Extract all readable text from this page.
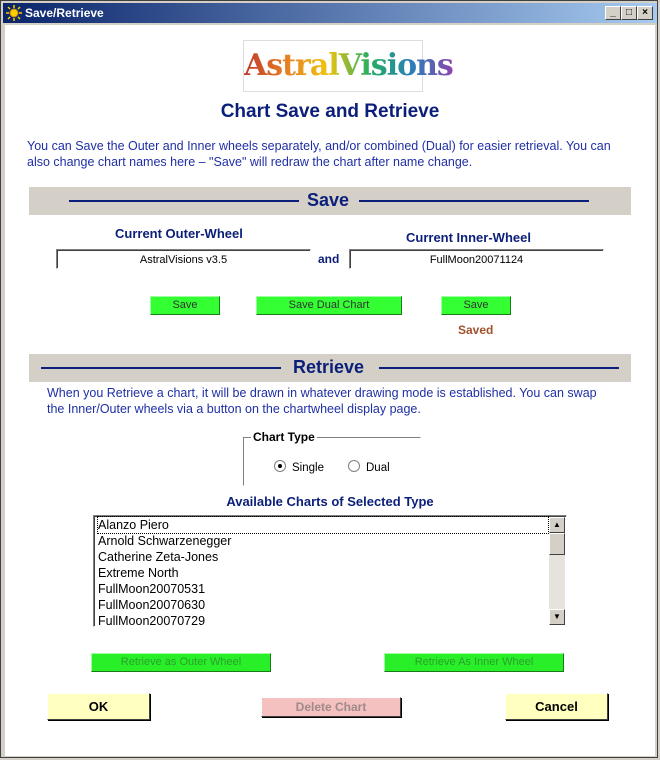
Save/Retrieve	_	□	×
AstralVisions
Chart Save and Retrieve
You can Save the Outer and Inner wheels separately, and/or combined (Dual) for easier retrieval. You can also change chart names here – "Save" will redraw the chart after name change.
Save
Current Outer-Wheel	Current Inner-Wheel
AstralVisions v3.5	and	FullMoon20071124
Save	Save Dual Chart	Save
Saved
Retrieve
When you Retrieve a chart, it will be drawn in whatever drawing mode is established. You can swap the Inner/Outer wheels via a button on the chartwheel display page.
Chart Type
Single	Dual
Available Charts of Selected Type
Alanzo Piero
Arnold Schwarzenegger
Catherine Zeta-Jones
Extreme North
FullMoon20070531
FullMoon20070630
FullMoon20070729
▲
▼
Retrieve as Outer Wheel	Retrieve As Inner Wheel
OK	Delete Chart	Cancel
